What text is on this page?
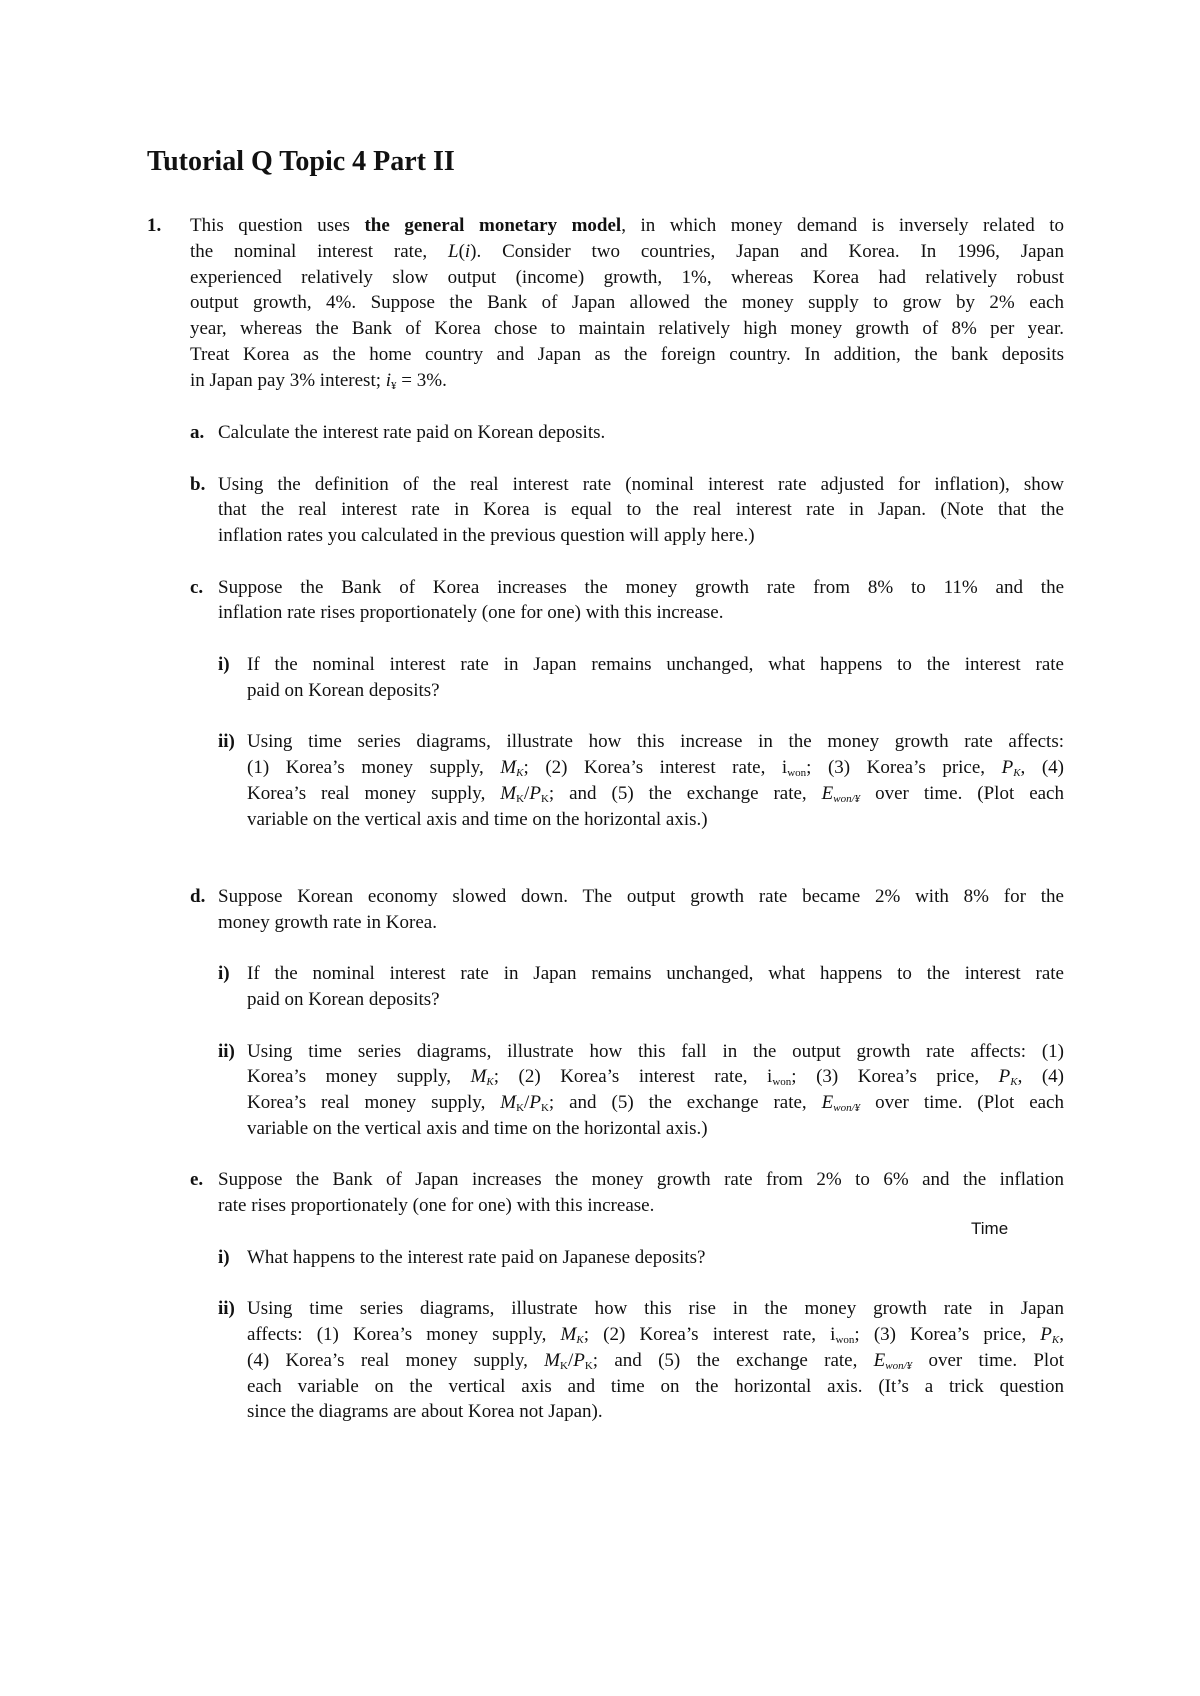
Tutorial Q Topic 4 Part II
1. This question uses the general monetary model, in which money demand is inversely related to
the nominal interest rate, L(i). Consider two countries, Japan and Korea. In 1996, Japan
experienced relatively slow output (income) growth, 1%, whereas Korea had relatively robust
output growth, 4%. Suppose the Bank of Japan allowed the money supply to grow by 2% each
year, whereas the Bank of Korea chose to maintain relatively high money growth of 8% per year.
Treat Korea as the home country and Japan as the foreign country. In addition, the bank deposits
in Japan pay 3% interest; $i_¥ = 3\%$.
a. Calculate the interest rate paid on Korean deposits.
b. Using the definition of the real interest rate (nominal interest rate adjusted for inflation), show
that the real interest rate in Korea is equal to the real interest rate in Japan. (Note that the
inflation rates you calculated in the previous question will apply here.)
c. Suppose the Bank of Korea increases the money growth rate from 8% to 11% and the
inflation rate rises proportionately (one for one) with this increase.
i) If the nominal interest rate in Japan remains unchanged, what happens to the interest rate
paid on Korean deposits?
ii) Using time series diagrams, illustrate how this increase in the money growth rate affects:
(1) Korea’s money supply, $M_K$; (2) Korea’s interest rate, $i_{won}$; (3) Korea’s price, $P_K$, (4)
Korea’s real money supply, $M_K/P_K$; and (5) the exchange rate, $E_{won/¥}$ over time. (Plot each
variable on the vertical axis and time on the horizontal axis.)
d. Suppose Korean economy slowed down. The output growth rate became 2% with 8% for the
money growth rate in Korea.
i) If the nominal interest rate in Japan remains unchanged, what happens to the interest rate
paid on Korean deposits?
ii) Using time series diagrams, illustrate how this fall in the output growth rate affects: (1)
Korea’s money supply, $M_K$; (2) Korea’s interest rate, $i_{won}$; (3) Korea’s price, $P_K$, (4)
Korea’s real money supply, $M_K/P_K$; and (5) the exchange rate, $E_{won/¥}$ over time. (Plot each
variable on the vertical axis and time on the horizontal axis.)
e. Suppose the Bank of Japan increases the money growth rate from 2% to 6% and the inflation
rate rises proportionately (one for one) with this increase.
Time
i) What happens to the interest rate paid on Japanese deposits?
ii) Using time series diagrams, illustrate how this rise in the money growth rate in Japan
affects: (1) Korea’s money supply, $M_K$; (2) Korea’s interest rate, $i_{won}$; (3) Korea’s price, $P_K$,
(4) Korea’s real money supply, $M_K/P_K$; and (5) the exchange rate, $E_{won/¥}$ over time. Plot
each variable on the vertical axis and time on the horizontal axis. (It’s a trick question
since the diagrams are about Korea not Japan).
